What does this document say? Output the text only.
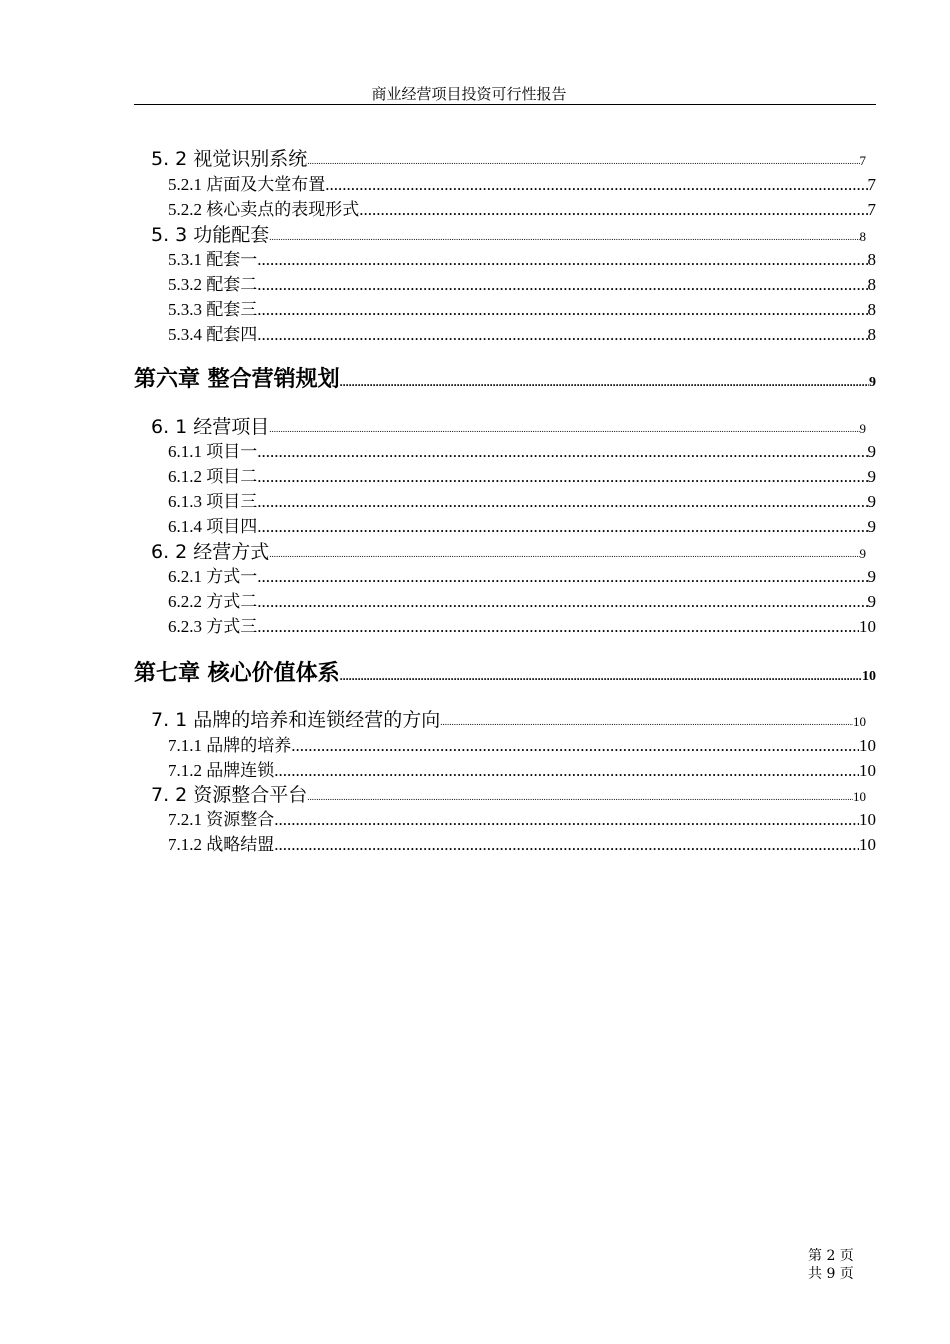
商业经营项目投资可行性报告
5. 2 视觉识别系统 .....	7
5.2.1 店面及大堂布置 .....	7
5.2.2 核心卖点的表现形式 .....	7
5. 3 功能配套 .....	8
5.3.1 配套一 .....	8
5.3.2 配套二 .....	8
5.3.3 配套三 .....	8
5.3.4 配套四 .....	8
第六章 整合营销规划 .....	9
6. 1 经营项目 .....	9
6.1.1 项目一 .....	9
6.1.2 项目二 .....	9
6.1.3 项目三 .....	9
6.1.4 项目四 .....	9
6. 2 经营方式 .....	9
6.2.1 方式一 .....	9
6.2.2 方式二 .....	9
6.2.3 方式三 .....	10
第七章 核心价值体系 .....	10
7. 1 品牌的培养和连锁经营的方向 .....	10
7.1.1 品牌的培养 .....	10
7.1.2 品牌连锁 .....	10
7. 2 资源整合平台 .....	10
7.2.1 资源整合 .....	10
7.1.2 战略结盟 .....	10
第 2 页
共 9 页
